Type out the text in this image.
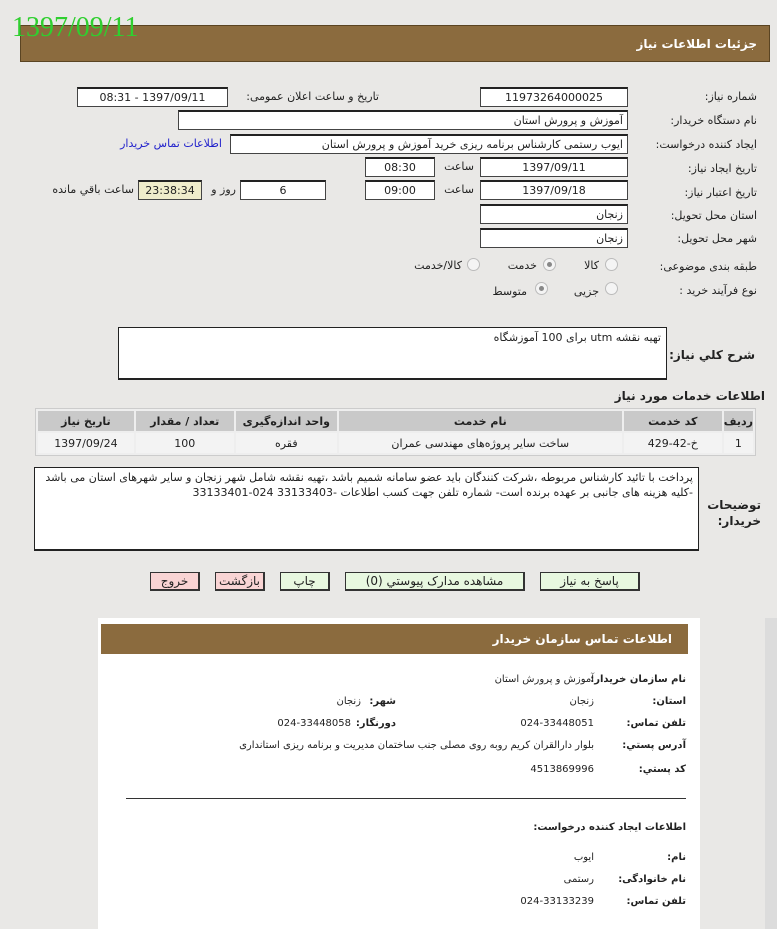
جزئیات اطلاعات نیاز
1397/09/11
شماره نیاز:
11973264000025
تاریخ و ساعت اعلان عمومی:
1397/09/11 - 08:31
نام دستگاه خریدار:
آموزش و پرورش استان
ایجاد کننده درخواست:
ایوب رستمی کارشناس برنامه ریزی خرید آموزش و پرورش استان
اطلاعات تماس خریدار
تاریخ ایجاد نیاز:
1397/09/11
ساعت
08:30
تاریخ اعتبار نیاز:
1397/09/18
ساعت
09:00
6
23:38:34	روز و
ساعت باقي مانده
استان محل تحویل:
زنجان
شهر محل تحویل:
زنجان
طبقه بندی موضوعی:
کالا
خدمت
کالا/خدمت
نوع فرآیند خرید :
جزیی
متوسط
شرح کلي نياز:
تهیه نقشه utm برای 100 آموزشگاه
اطلاعات خدمات مورد نياز
ردیف	کد خدمت	نام خدمت	واحد اندازه‌گیری	تعداد / مقدار	تاریخ نیاز
1	خ-42-429	ساخت سایر پروژه‌های مهندسی عمران	فقره	100	1397/09/24
توضیحات خریدار:
پرداخت با تائید کارشناس مربوطه ،شرکت کنندگان باید عضو سامانه شمیم باشد ،تهیه نقشه شامل شهر زنجان و سایر شهرهای استان می باشد -کلیه هزینه های جانبی بر عهده برنده است- شماره تلفن جهت کسب اطلاعات -33133403 024-33133401
پاسخ به نیاز
مشاهده مدارک پیوستي (0)
چاپ
بازگشت
خروج
اطلاعات تماس سازمان خریدار
نام سازمان خریدار:
آموزش و پرورش استان
استان:
زنجان
شهر:
زنجان
تلفن تماس:
024-33448051
دورنگار:
024-33448058
آدرس پستي:
بلوار دارالقران کریم روبه روی مصلی جنب ساختمان مدیریت و برنامه ریزی استانداری
کد پستي:
4513869996
اطلاعات ایجاد کننده درخواست:
نام:
ایوب
نام خانوادگی:
رستمی
تلفن تماس:
024-33133239
